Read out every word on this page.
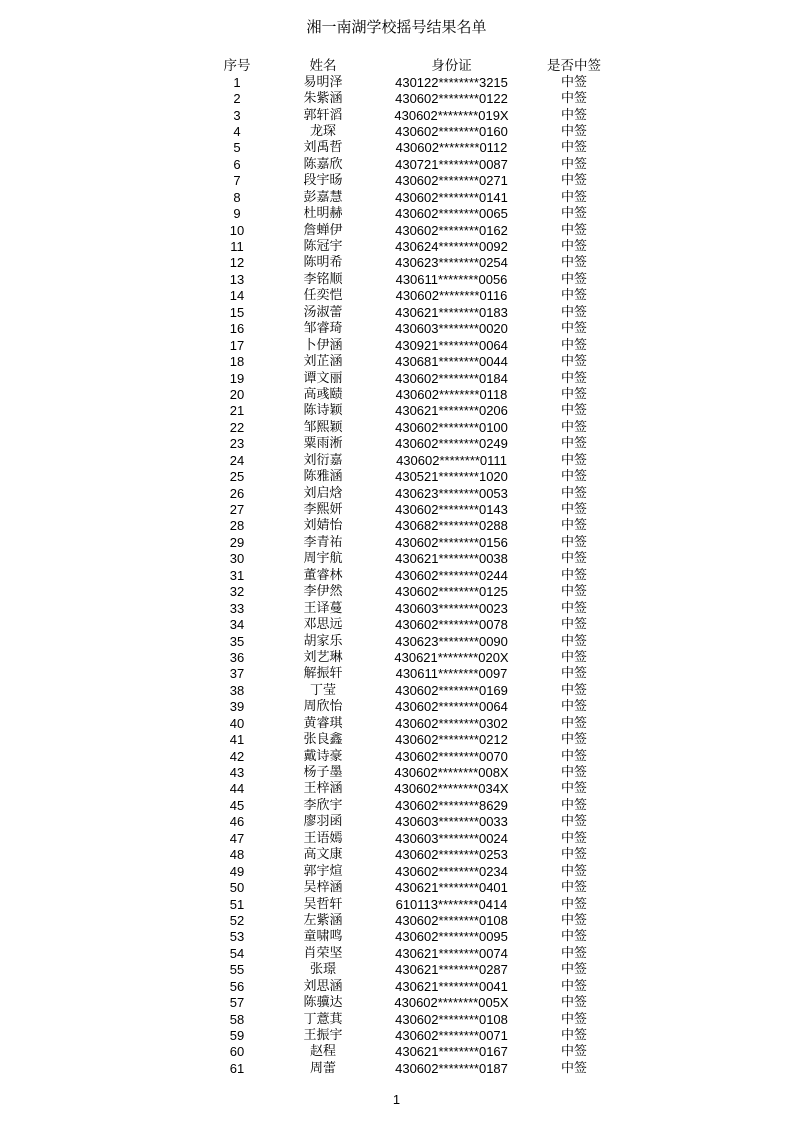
湘一南湖学校摇号结果名单
序号	姓名	身份证	是否中签
1	易明泽	430122********3215	中签
2	朱紫涵	430602********0122	中签
3	郭轩滔	430602********019X	中签
4	龙琛	430602********0160	中签
5	刘禹哲	430602********0112	中签
6	陈嘉欣	430721********0087	中签
7	段宇旸	430602********0271	中签
8	彭嘉慧	430602********0141	中签
9	杜明赫	430602********0065	中签
10	詹蝉伊	430602********0162	中签
11	陈冠宇	430624********0092	中签
12	陈明希	430623********0254	中签
13	李铭顺	430611********0056	中签
14	任奕恺	430602********0116	中签
15	汤淑蕾	430621********0183	中签
16	邹睿琦	430603********0020	中签
17	卜伊涵	430921********0064	中签
18	刘芷涵	430681********0044	中签
19	谭文丽	430602********0184	中签
20	高彧赜	430602********0118	中签
21	陈诗颖	430621********0206	中签
22	邹熙颖	430602********0100	中签
23	粟雨淅	430602********0249	中签
24	刘衍嘉	430602********0111	中签
25	陈雅涵	430521********1020	中签
26	刘启焓	430623********0053	中签
27	李熙妍	430602********0143	中签
28	刘婧怡	430682********0288	中签
29	李青祐	430602********0156	中签
30	周宇航	430621********0038	中签
31	董睿林	430602********0244	中签
32	李伊然	430602********0125	中签
33	王译蔓	430603********0023	中签
34	邓思远	430602********0078	中签
35	胡家乐	430623********0090	中签
36	刘艺琳	430621********020X	中签
37	解振轩	430611********0097	中签
38	丁莹	430602********0169	中签
39	周欣怡	430602********0064	中签
40	黄睿琪	430602********0302	中签
41	张良鑫	430602********0212	中签
42	戴诗豪	430602********0070	中签
43	杨子墨	430602********008X	中签
44	王梓涵	430602********034X	中签
45	李欣宇	430602********8629	中签
46	廖羽函	430603********0033	中签
47	王语嫣	430603********0024	中签
48	高文康	430602********0253	中签
49	郭宇煊	430602********0234	中签
50	吴梓涵	430621********0401	中签
51	吴哲轩	610113********0414	中签
52	左紫涵	430602********0108	中签
53	童啸鸣	430602********0095	中签
54	肖荣坚	430621********0074	中签
55	张璟	430621********0287	中签
56	刘思涵	430621********0041	中签
57	陈骥达	430602********005X	中签
58	丁薏萁	430602********0108	中签
59	王振宇	430602********0071	中签
60	赵程	430621********0167	中签
61	周蕾	430602********0187	中签
1
